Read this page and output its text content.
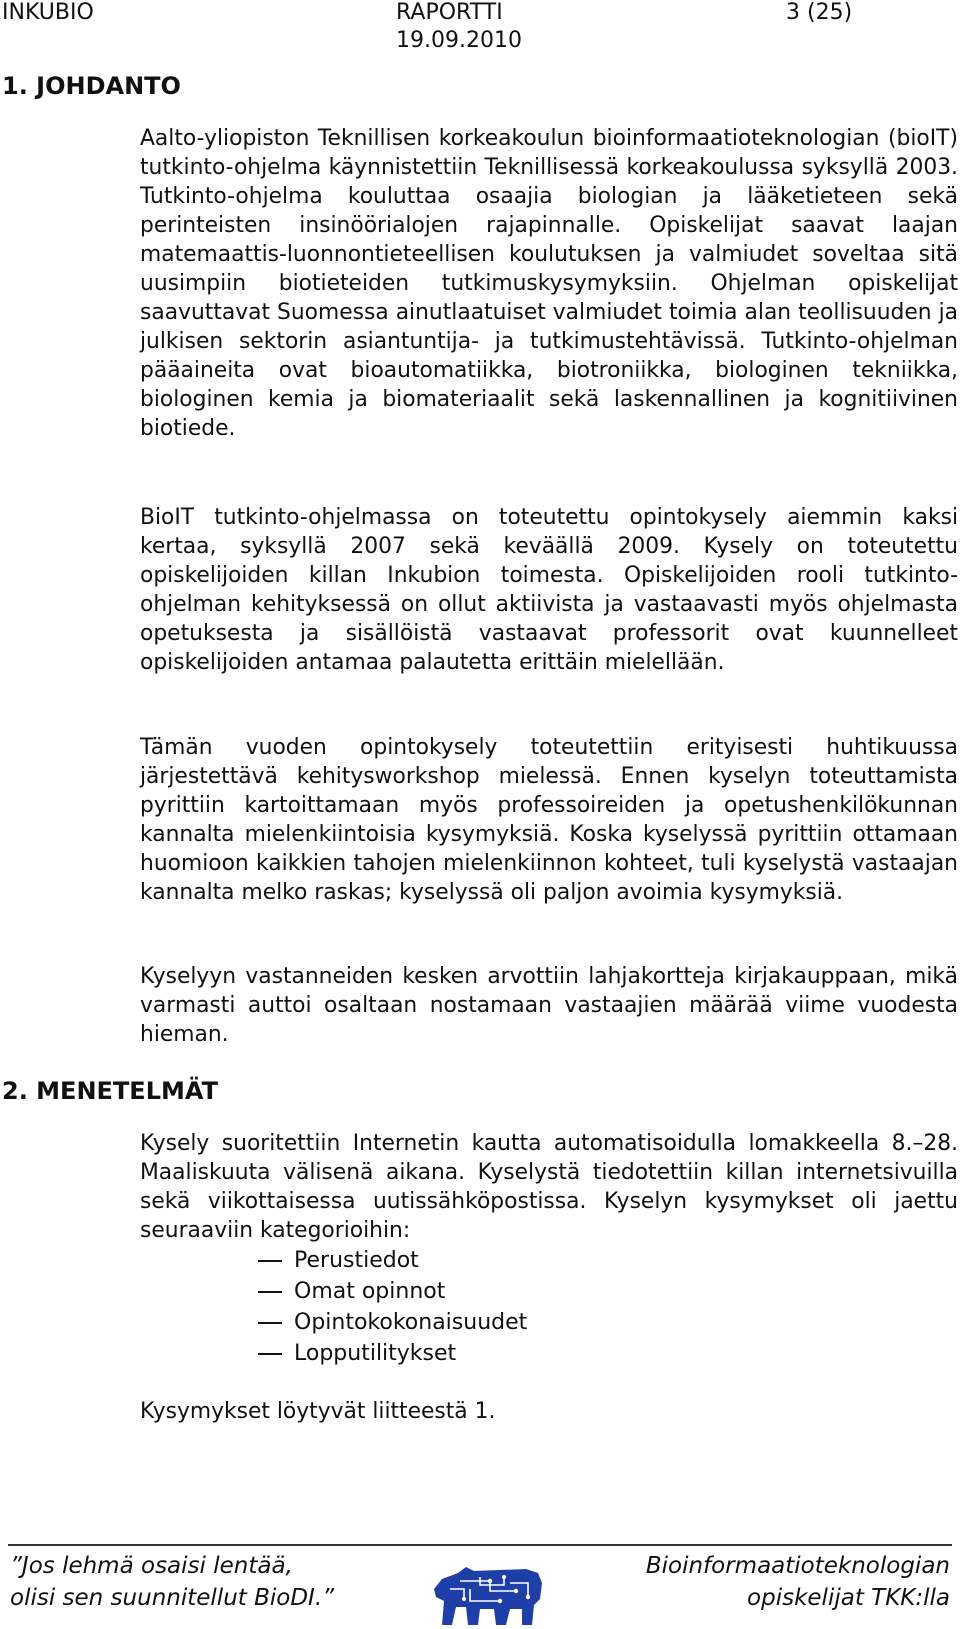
INKUBIO	RAPORTTI
19.09.2010
3 (25)
1. JOHDANTO

Aalto-yliopiston Teknillisen korkeakoulun bioinformaatioteknologian (bioIT) tutkinto-ohjelma käynnistettiin Teknillisessä korkeakoulussa syksyllä 2003. Tutkinto-ohjelma kouluttaa osaajia biologian ja lääketieteen sekä perinteisten insinöörialojen rajapinnalle. Opiskelijat saavat laajan matemaattis-luonnontieteellisen koulutuksen ja valmiudet soveltaa sitä uusimpiin biotieteiden tutkimuskysymyksiin. Ohjelman opiskelijat saavuttavat Suomessa ainutlaatuiset valmiudet toimia alan teollisuuden ja julkisen sektorin asiantuntija- ja tutkimustehtävissä. Tutkinto-ohjelman pääaineita ovat bioautomatiikka, biotroniikka, biologinen tekniikka, biologinen kemia ja biomateriaalit sekä laskennallinen ja kognitiivinen biotiede.

BioIT tutkinto-ohjelmassa on toteutettu opintokysely aiemmin kaksi kertaa, syksyllä 2007 sekä keväällä 2009. Kysely on toteutettu opiskelijoiden killan Inkubion toimesta. Opiskelijoiden rooli tutkinto-ohjelman kehityksessä on ollut aktiivista ja vastaavasti myös ohjelmasta opetuksesta ja sisällöistä vastaavat professorit ovat kuunnelleet opiskelijoiden antamaa palautetta erittäin mielellään.

Tämän vuoden opintokysely toteutettiin erityisesti huhtikuussa järjestettävä kehitysworkshop mielessä. Ennen kyselyn toteuttamista pyrittiin kartoittamaan myös professoireiden ja opetushenkilökunnan kannalta mielenkiintoisia kysymyksiä. Koska kyselyssä pyrittiin ottamaan huomioon kaikkien tahojen mielenkiinnon kohteet, tuli kyselystä vastaajan kannalta melko raskas; kyselyssä oli paljon avoimia kysymyksiä.

Kyselyyn vastanneiden kesken arvottiin lahjakortteja kirjakauppaan, mikä varmasti auttoi osaltaan nostamaan vastaajien määrää viime vuodesta hieman.

2. MENETELMÄT

Kysely suoritettiin Internetin kautta automatisoidulla lomakkeella 8.–28. Maaliskuuta välisenä aikana. Kyselystä tiedotettiin killan internetsivuilla sekä viikottaisessa uutissähköpostissa. Kyselyn kysymykset oli jaettu seuraaviin kategorioihin:

Perustiedot
Omat opinnot
Opintokokonaisuudet
Lopputilitykset

Kysymykset löytyvät liitteestä 1.

”Jos lehmä osaisi lentää,
olisi sen suunnitellut BioDI.”
Bioinformaatioteknologian
opiskelijat TKK:lla
